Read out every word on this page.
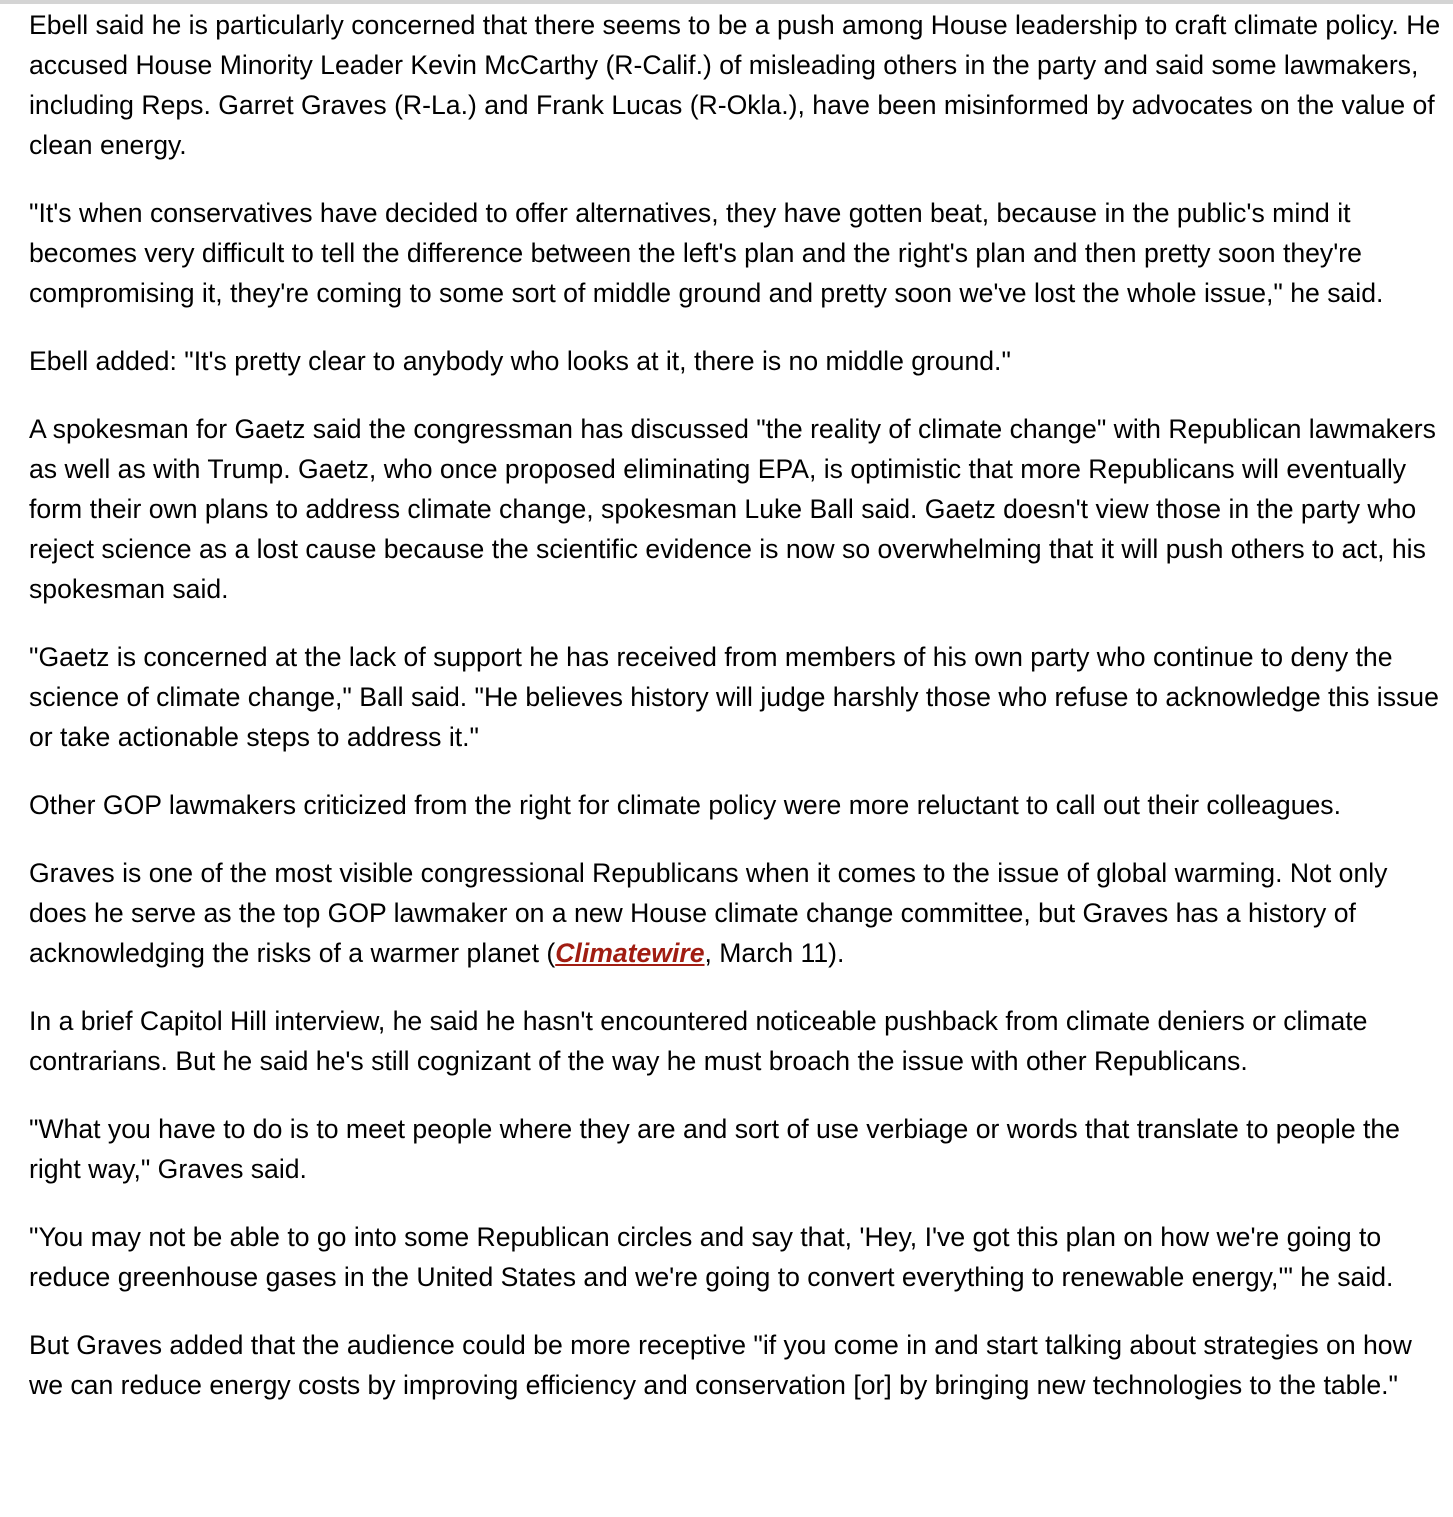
Ebell said he is particularly concerned that there seems to be a push among House leadership to craft climate policy. He accused House Minority Leader Kevin McCarthy (R-Calif.) of misleading others in the party and said some lawmakers, including Reps. Garret Graves (R-La.) and Frank Lucas (R-Okla.), have been misinformed by advocates on the value of clean energy.

"It's when conservatives have decided to offer alternatives, they have gotten beat, because in the public's mind it becomes very difficult to tell the difference between the left's plan and the right's plan and then pretty soon they're compromising it, they're coming to some sort of middle ground and pretty soon we've lost the whole issue," he said.

Ebell added: "It's pretty clear to anybody who looks at it, there is no middle ground."

A spokesman for Gaetz said the congressman has discussed "the reality of climate change" with Republican lawmakers as well as with Trump. Gaetz, who once proposed eliminating EPA, is optimistic that more Republicans will eventually form their own plans to address climate change, spokesman Luke Ball said. Gaetz doesn't view those in the party who reject science as a lost cause because the scientific evidence is now so overwhelming that it will push others to act, his spokesman said.

"Gaetz is concerned at the lack of support he has received from members of his own party who continue to deny the science of climate change," Ball said. "He believes history will judge harshly those who refuse to acknowledge this issue or take actionable steps to address it."

Other GOP lawmakers criticized from the right for climate policy were more reluctant to call out their colleagues.

Graves is one of the most visible congressional Republicans when it comes to the issue of global warming. Not only does he serve as the top GOP lawmaker on a new House climate change committee, but Graves has a history of acknowledging the risks of a warmer planet (Climatewire, March 11).

In a brief Capitol Hill interview, he said he hasn't encountered noticeable pushback from climate deniers or climate contrarians. But he said he's still cognizant of the way he must broach the issue with other Republicans.

"What you have to do is to meet people where they are and sort of use verbiage or words that translate to people the right way," Graves said.

"You may not be able to go into some Republican circles and say that, 'Hey, I've got this plan on how we're going to reduce greenhouse gases in the United States and we're going to convert everything to renewable energy,'" he said.

But Graves added that the audience could be more receptive "if you come in and start talking about strategies on how we can reduce energy costs by improving efficiency and conservation [or] by bringing new technologies to the table."
